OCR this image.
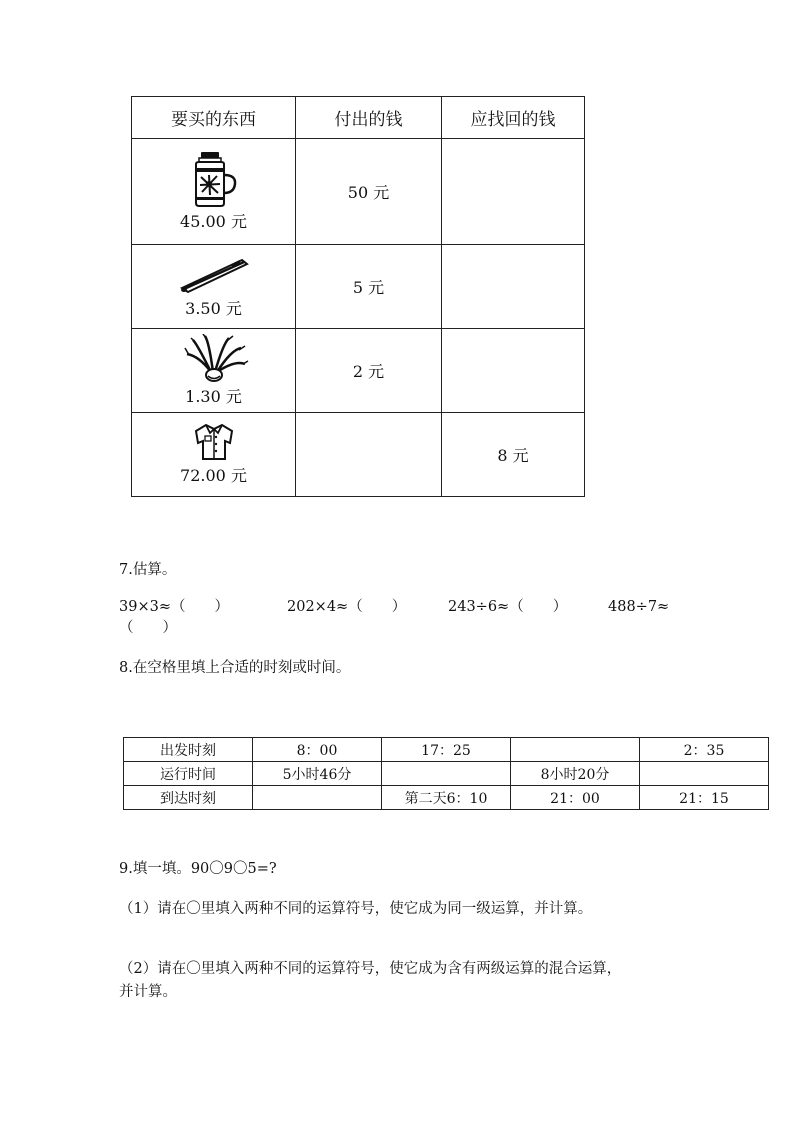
要买的东西	付出的钱	应找回的钱

45.00 元	50 元	

3.50 元	5 元	

1.30 元	2 元	

72.00 元		8 元
7.估算。
39×3≈（　　）	202×4≈（　　）	243÷6≈（　　）	488÷7≈
（　　）
8.在空格里填上合适的时刻或时间。
出发时刻	8：00	17：25		2：35
运行时间	5小时46分		8小时20分	
到达时刻		第二天6：10	21：00	21：15
9.填一填。90〇9〇5=?
（1）请在〇里填入两种不同的运算符号，使它成为同一级运算，并计算。
（2）请在〇里填入两种不同的运算符号，使它成为含有两级运算的混合运算，
并计算。
